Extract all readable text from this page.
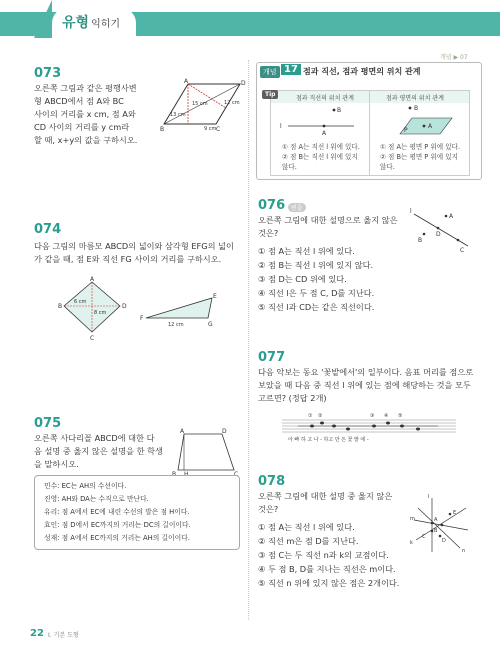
유형 익히기
개념 ▶ 07
073
오른쪽 그림과 같은 평행사변
형 ABCD에서 점 A와 BC
사이의 거리를 x cm, 점 A와
CD 사이의 거리를 y cm라
할 때, x+y의 값을 구하시오.
A	D
B	C
15 cm	12 cm
13 cm
9 cm
074
다음 그림의 마름모 ABCD의 넓이와 삼각형 EFG의 넓이
가 같을 때, 점 E와 직선 FG 사이의 거리를 구하시오.
A
B
C
D
6 cm
8 cm
F
G
E
12 cm
075
오른쪽 사다리꼴 ABCD에 대한 다
음 설명 중 옳지 않은 설명을 한 학생
을 말하시오.
A	D
B H	C
민수: EC는 AH의 수선이다.
진영: AH와 DA는 수직으로 만난다.
유리: 점 A에서 EC에 내린 수선의 발은 점 H이다.
효인: 점 D에서 EC까지의 거리는 DC의 길이이다.
성재: 점 A에서 EC까지의 거리는 AH의 길이이다.
개념 17 점과 직선, 점과 평면의 위치 관계
Tip
점과 직선의 위치 관계	점과 평면의 위치 관계
l
A
B
A
B
P
① 점 A는 직선 l 위에 있다.
② 점 B는 직선 l 위에 있지
않다.
① 점 A는 평면 P 위에 있다.
② 점 B는 평면 P 위에 있지
않다.
076 빈출
오른쪽 그림에 대한 설명으로 옳지 않은
것은?
l
D
C
A
B
① 점 A는 직선 l 위에 있다.
② 점 B는 직선 l 위에 있지 않다.
③ 점 D는 CD 위에 있다.
④ 직선 l은 두 점 C, D를 지난다.
⑤ 직선 l과 CD는 같은 직선이다.
077
다음 악보는 동요 '꽃밭에서'의 일부이다. 음표 머리를 점으로
보았을 때 다음 중 직선 l 위에 있는 점에 해당하는 것을 모두
고르면? (정답 2개)
① ②	③ ④ ⑤
아 빠 하 고 나 - 하고 만 든 꽃 밭 에 -
078
오른쪽 그림에 대한 설명 중 옳지 않은
것은?
l
m
k
n
A
B
C
D
E
① 점 A는 직선 l 위에 있다.
② 직선 m은 점 D를 지난다.
③ 점 C는 두 직선 n과 k의 교점이다.
④ 두 점 B, D를 지나는 직선은 m이다.
⑤ 직선 n 위에 있지 않은 점은 2개이다.
22 Ⅰ. 기본 도형
